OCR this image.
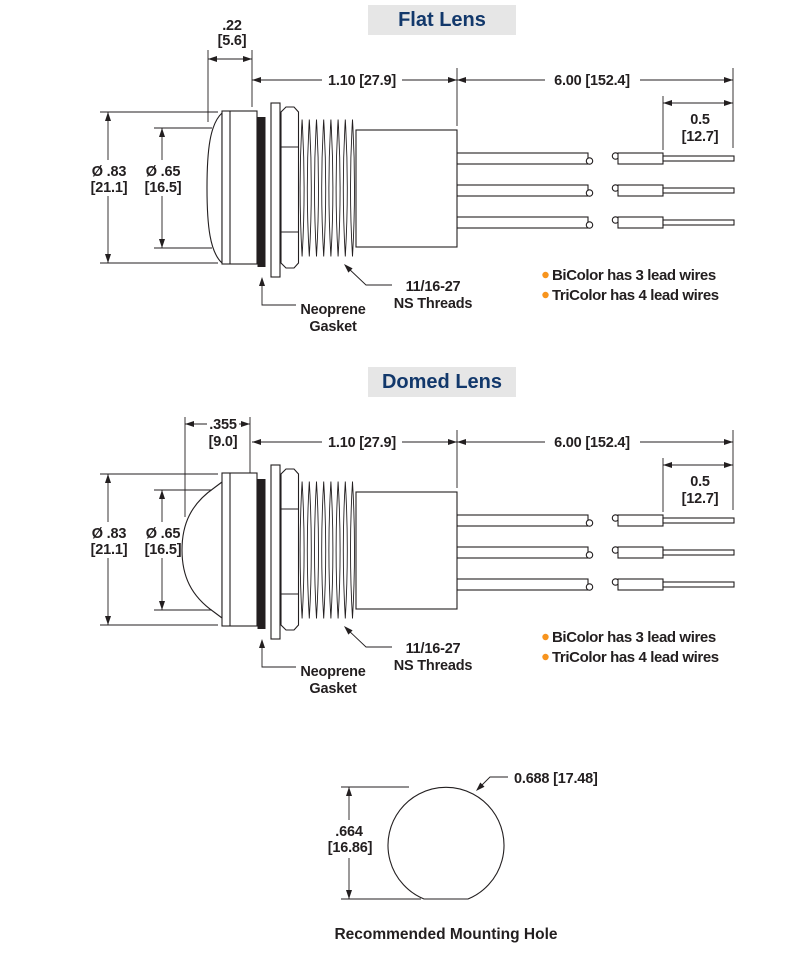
Flat Lens
.22
[5.6]
1.10 [27.9]	6.00 [152.4]
0.5
[12.7]
Ø .83
[21.1]
Ø .65
[16.5]
Neoprene
Gasket
11/16-27
NS Threads
BiColor has 3 lead wires
TriColor has 4 lead wires
Domed Lens
.355
[9.0]	1.10 [27.9]	6.00 [152.4]
0.5
[12.7]
Ø .83
[21.1]
Ø .65
[16.5]
Neoprene
Gasket
11/16-27
NS Threads
BiColor has 3 lead wires
TriColor has 4 lead wires
.664
[16.86]
0.688 [17.48]
Recommended Mounting Hole
